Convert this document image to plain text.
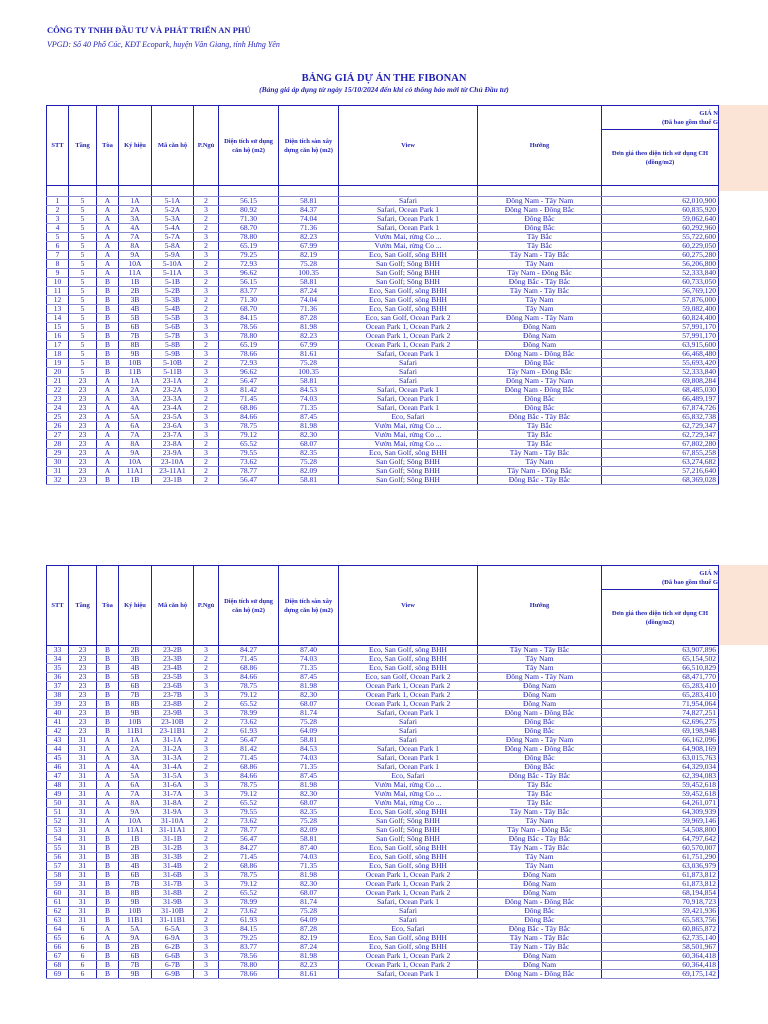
CÔNG TY TNHH ĐẦU TƯ VÀ PHÁT TRIỂN AN PHÚ
VPGD: Số 40 Phố Cúc, KĐT Ecopark, huyện Văn Giang, tỉnh Hưng Yên
BẢNG GIÁ DỰ ÁN THE FIBONAN
(Bảng giá áp dụng từ ngày 15/10/2024 đến khi có thông báo mới từ Chủ Đầu tư)
STT	Tầng	Tòa	Ký hiệu	Mã căn hộ	P.Ngủ	Diện tích sử dụng căn hộ (m2)	Diện tích sàn xây dựng căn hộ (m2)	View	Hướng	GIÁ N
(Đã bao gồm thuế G

										Đơn giá theo diện tích sử dụng CH (đồng/m2)

1	5	A	1A	5-1A	2	56.15	58.81	Safari	Đông Nam - Tây Nam	62,010,900
2	5	A	2A	5-2A	3	80.92	84.37	Safari, Ocean Park 1	Đông Nam - Đông Bắc	60,835,920
3	5	A	3A	5-3A	2	71.30	74.04	Safari, Ocean Park 1	Đông Bắc	59,062,640
4	5	A	4A	5-4A	2	68.70	71.36	Safari, Ocean Park 1	Đông Bắc	60,292,960
5	5	A	7A	5-7A	3	78.80	82.23	Vườn Mai, rừng Co ...	Tây Bắc	55,722,600
6	5	A	8A	5-8A	2	65.19	67.99	Vườn Mai, rừng Co ...	Tây Bắc	60,229,050
7	5	A	9A	5-9A	3	79.25	82.19	Eco, San Golf, sông BHH	Tây Nam - Tây Bắc	60,275,280
8	5	A	10A	5-10A	2	72.93	75.28	San Golf; Sông BHH	Tây Nam	56,206,800
9	5	A	11A	5-11A	3	96.62	100.35	San Golf; Sông BHH	Tây Nam - Đông Bắc	52,333,840
10	5	B	1B	5-1B	2	56.15	58.81	San Golf; Sông BHH	Đông Bắc - Tây Bắc	60,733,050
11	5	B	2B	5-2B	3	83.77	87.24	Eco, San Golf, sông BHH	Tây Nam - Tây Bắc	56,769,120
12	5	B	3B	5-3B	2	71.30	74.04	Eco, San Golf, sông BHH	Tây Nam	57,876,000
13	5	B	4B	5-4B	2	68.70	71.36	Eco, San Golf, sông BHH	Tây Nam	59,082,400
14	5	B	5B	5-5B	3	84.15	87.28	Eco, san Golf, Ocean Park 2	Đông Nam - Tây Nam	60,824,400
15	5	B	6B	5-6B	3	78.56	81.98	Ocean Park 1, Ocean Park 2	Đông Nam	57,991,170
16	5	B	7B	5-7B	3	78.80	82.23	Ocean Park 1, Ocean Park 2	Đông Nam	57,991,170
17	5	B	8B	5-8B	2	65.19	67.99	Ocean Park 1, Ocean Park 2	Đông Nam	63,915,600
18	5	B	9B	5-9B	3	78.66	81.61	Safari, Ocean Park 1	Đông Nam - Đông Bắc	66,468,480
19	5	B	10B	5-10B	2	72.93	75.28	Safari	Đông Bắc	55,693,420
20	5	B	11B	5-11B	3	96.62	100.35	Safari	Tây Nam - Đông Bắc	52,333,840
21	23	A	1A	23-1A	2	56.47	58.81	Safari	Đông Nam - Tây Nam	69,808,284
22	23	A	2A	23-2A	3	81.42	84.53	Safari, Ocean Park 1	Đông Nam - Đông Bắc	68,485,030
23	23	A	3A	23-3A	2	71.45	74.03	Safari, Ocean Park 1	Đông Bắc	66,489,197
24	23	A	4A	23-4A	2	68.86	71.35	Safari, Ocean Park 1	Đông Bắc	67,874,726
25	23	A	5A	23-5A	3	84.66	87.45	Eco, Safari	Đông Bắc - Tây Bắc	65,832,738
26	23	A	6A	23-6A	3	78.75	81.98	Vườn Mai, rừng Co ...	Tây Bắc	62,729,347
27	23	A	7A	23-7A	3	79.12	82.30	Vườn Mai, rừng Co ...	Tây Bắc	62,729,347
28	23	A	8A	23-8A	2	65.52	68.07	Vườn Mai, rừng Co ...	Tây Bắc	67,802,280
29	23	A	9A	23-9A	3	79.55	82.35	Eco, San Golf, sông BHH	Tây Nam - Tây Bắc	67,855,258
30	23	A	10A	23-10A	2	73.62	75.28	San Golf; Sông BHH	Tây Nam	63,274,682
31	23	A	11A1	23-11A1	2	78.77	82.09	San Golf; Sông BHH	Tây Nam - Đông Bắc	57,216,640
32	23	B	1B	23-1B	2	56.47	58.81	San Golf; Sông BHH	Đông Bắc - Tây Bắc	68,369,028
STT	Tầng	Tòa	Ký hiệu	Mã căn hộ	P.Ngủ	Diện tích sử dụng căn hộ (m2)	Diện tích sàn xây dựng căn hộ (m2)	View	Hướng	GIÁ N
(Đã bao gồm thuế G

										Đơn giá theo diện tích sử dụng CH (đồng/m2)
33	23	B	2B	23-2B	3	84.27	87.40	Eco, San Golf, sông BHH	Tây Nam - Tây Bắc	63,907,896
34	23	B	3B	23-3B	2	71.45	74.03	Eco, San Golf, sông BHH	Tây Nam	65,154,502
35	23	B	4B	23-4B	2	68.86	71.35	Eco, San Golf, sông BHH	Tây Nam	66,510,829
36	23	B	5B	23-5B	3	84.66	87.45	Eco, san Golf, Ocean Park 2	Đông Nam - Tây Nam	68,471,770
37	23	B	6B	23-6B	3	78.75	81.98	Ocean Park 1, Ocean Park 2	Đông Nam	65,283,410
38	23	B	7B	23-7B	3	79.12	82.30	Ocean Park 1, Ocean Park 2	Đông Nam	65,283,410
39	23	B	8B	23-8B	2	65.52	68.07	Ocean Park 1, Ocean Park 2	Đông Nam	71,954,064
40	23	B	9B	23-9B	3	78.99	81.74	Safari, Ocean Park 1	Đông Nam - Đông Bắc	74,827,251
41	23	B	10B	23-10B	2	73.62	75.28	Safari	Đông Bắc	62,696,275
42	23	B	11B1	23-11B1	2	61.93	64.09	Safari	Đông Bắc	69,198,948
43	31	A	1A	31-1A	2	56.47	58.81	Safari	Đông Nam - Tây Nam	66,162,096
44	31	A	2A	31-2A	3	81.42	84.53	Safari, Ocean Park 1	Đông Nam - Đông Bắc	64,908,169
45	31	A	3A	31-3A	2	71.45	74.03	Safari, Ocean Park 1	Đông Bắc	63,015,763
46	31	A	4A	31-4A	2	68.86	71.35	Safari, Ocean Park 1	Đông Bắc	64,329,034
47	31	A	5A	31-5A	3	84.66	87.45	Eco, Safari	Đông Bắc - Tây Bắc	62,394,083
48	31	A	6A	31-6A	3	78.75	81.98	Vườn Mai, rừng Co ...	Tây Bắc	59,452,618
49	31	A	7A	31-7A	3	79.12	82.30	Vườn Mai, rừng Co ...	Tây Bắc	59,452,618
50	31	A	8A	31-8A	2	65.52	68.07	Vườn Mai, rừng Co ...	Tây Bắc	64,261,071
51	31	A	9A	31-9A	3	79.55	82.35	Eco, San Golf, sông BHH	Tây Nam - Tây Bắc	64,309,939
52	31	A	10A	31-10A	2	73.62	75.28	San Golf; Sông BHH	Tây Nam	59,969,146
53	31	A	11A1	31-11A1	2	78.77	82.09	San Golf; Sông BHH	Tây Nam - Đông Bắc	54,508,800
54	31	B	1B	31-1B	2	56.47	58.81	San Golf; Sông BHH	Đông Bắc - Tây Bắc	64,797,642
55	31	B	2B	31-2B	3	84.27	87.40	Eco, San Golf, sông BHH	Tây Nam - Tây Bắc	60,570,007
56	31	B	3B	31-3B	2	71.45	74.03	Eco, San Golf, sông BHH	Tây Nam	61,751,290
57	31	B	4B	31-4B	2	68.86	71.35	Eco, San Golf, sông BHH	Tây Nam	63,036,979
58	31	B	6B	31-6B	3	78.75	81.98	Ocean Park 1, Ocean Park 2	Đông Nam	61,873,812
59	31	B	7B	31-7B	3	79.12	82.30	Ocean Park 1, Ocean Park 2	Đông Nam	61,873,812
60	31	B	8B	31-8B	2	65.52	68.07	Ocean Park 1, Ocean Park 2	Đông Nam	68,194,854
61	31	B	9B	31-9B	3	78.99	81.74	Safari, Ocean Park 1	Đông Nam - Đông Bắc	70,918,723
62	31	B	10B	31-10B	2	73.62	75.28	Safari	Đông Bắc	59,421,936
63	31	B	11B1	31-11B1	2	61.93	64.09	Safari	Đông Bắc	65,583,756
64	6	A	5A	6-5A	3	84.15	87.28	Eco, Safari	Đông Bắc - Tây Bắc	60,865,872
65	6	A	9A	6-9A	3	79.25	82.19	Eco, San Golf, sông BHH	Tây Nam - Tây Bắc	62,735,140
66	6	B	2B	6-2B	3	83.77	87.24	Eco, San Golf, sông BHH	Tây Nam - Tây Bắc	58,501,967
67	6	B	6B	6-6B	3	78.56	81.98	Ocean Park 1, Ocean Park 2	Đông Nam	60,364,418
68	6	B	7B	6-7B	3	78.80	82.23	Ocean Park 1, Ocean Park 2	Đông Nam	60,364,418
69	6	B	9B	6-9B	3	78.66	81.61	Safari, Ocean Park 1	Đông Nam - Đông Bắc	69,175,142
